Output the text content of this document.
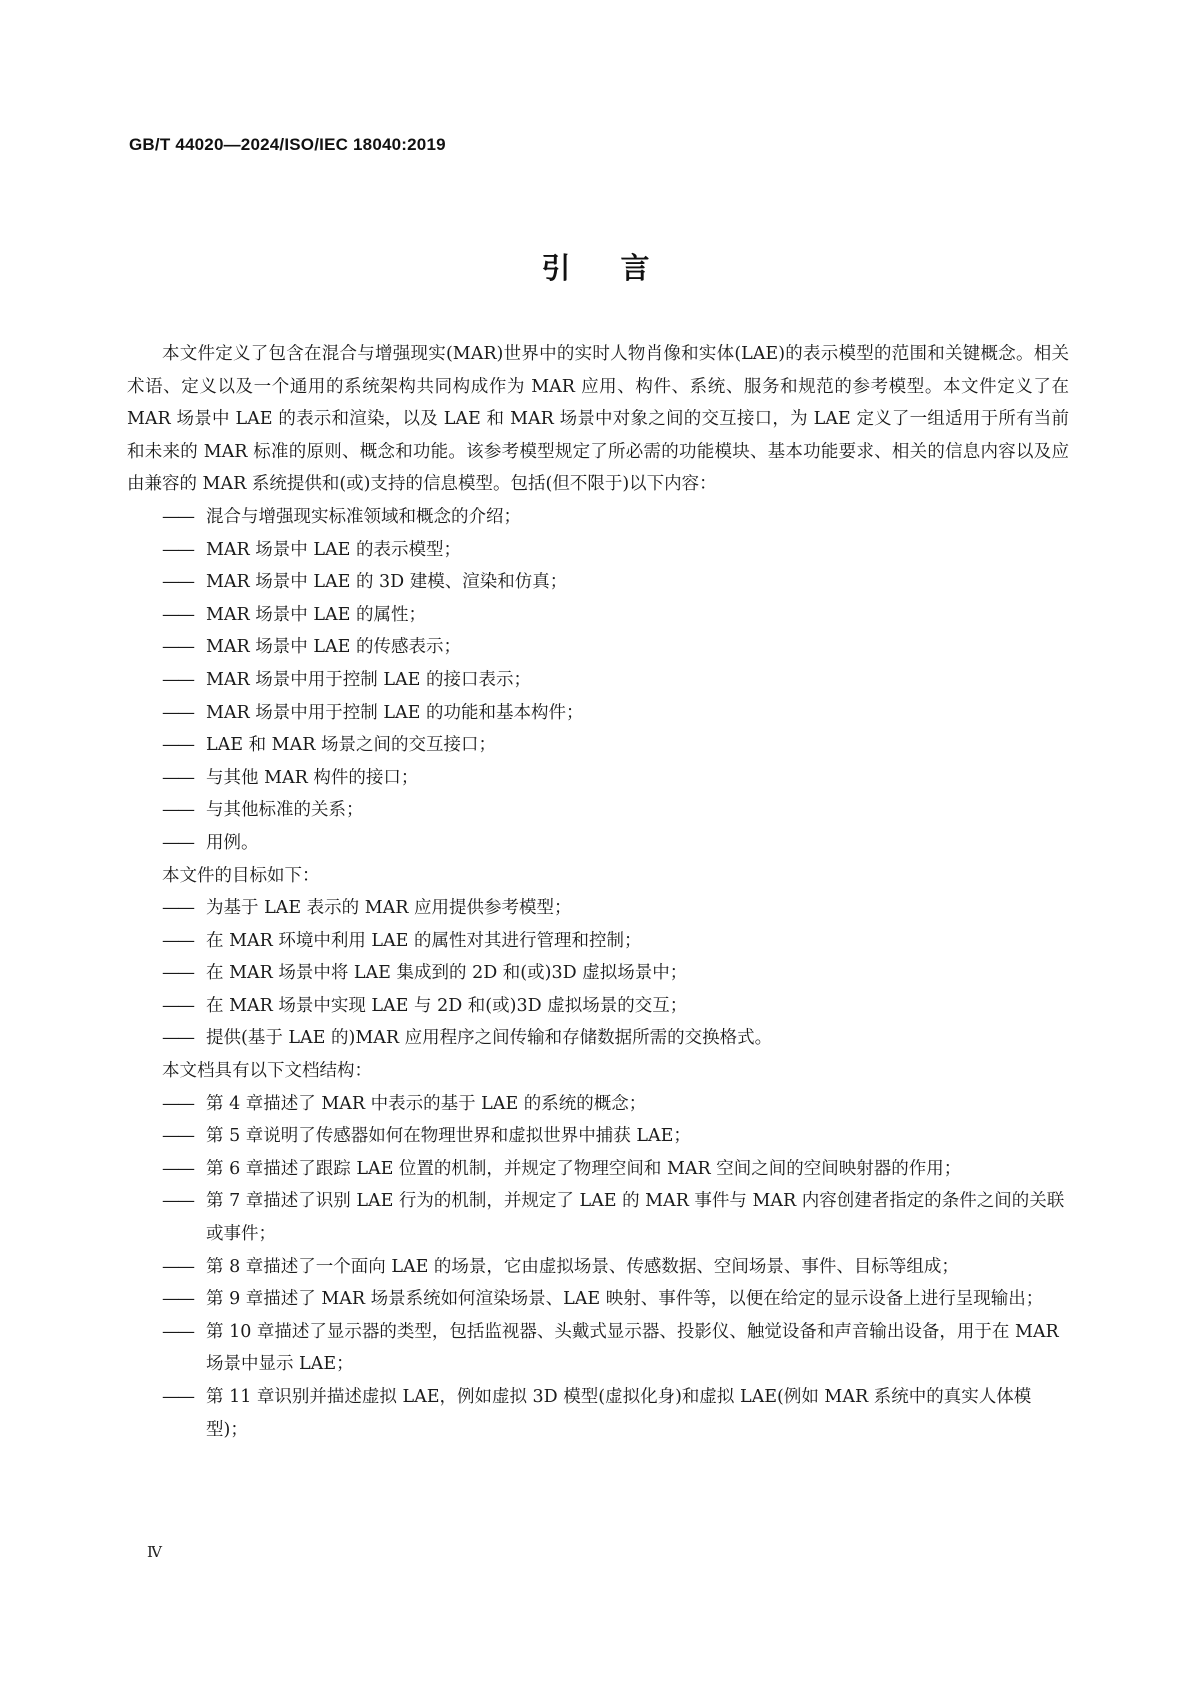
GB/T 44020—2024/ISO/IEC 18040:2019
引言

本文件定义了包含在混合与增强现实(MAR)世界中的实时人物肖像和实体(LAE)的表示模型的范围和关键概念。相关术语、定义以及一个通用的系统架构共同构成作为 MAR 应用、构件、系统、服务和规范的参考模型。本文件定义了在 MAR 场景中 LAE 的表示和渲染，以及 LAE 和 MAR 场景中对象之间的交互接口，为 LAE 定义了一组适用于所有当前和未来的 MAR 标准的原则、概念和功能。该参考模型规定了所必需的功能模块、基本功能要求、相关的信息内容以及应由兼容的 MAR 系统提供和(或)支持的信息模型。包括(但不限于)以下内容：

—— 混合与增强现实标准领域和概念的介绍；
—— MAR 场景中 LAE 的表示模型；
—— MAR 场景中 LAE 的 3D 建模、渲染和仿真；
—— MAR 场景中 LAE 的属性；
—— MAR 场景中 LAE 的传感表示；
—— MAR 场景中用于控制 LAE 的接口表示；
—— MAR 场景中用于控制 LAE 的功能和基本构件；
—— LAE 和 MAR 场景之间的交互接口；
—— 与其他 MAR 构件的接口；
—— 与其他标准的关系；
—— 用例。

本文件的目标如下：

—— 为基于 LAE 表示的 MAR 应用提供参考模型；
—— 在 MAR 环境中利用 LAE 的属性对其进行管理和控制；
—— 在 MAR 场景中将 LAE 集成到的 2D 和(或)3D 虚拟场景中；
—— 在 MAR 场景中实现 LAE 与 2D 和(或)3D 虚拟场景的交互；
—— 提供(基于 LAE 的)MAR 应用程序之间传输和存储数据所需的交换格式。

本文档具有以下文档结构：

—— 第 4 章描述了 MAR 中表示的基于 LAE 的系统的概念；
—— 第 5 章说明了传感器如何在物理世界和虚拟世界中捕获 LAE；
—— 第 6 章描述了跟踪 LAE 位置的机制，并规定了物理空间和 MAR 空间之间的空间映射器的作用；
—— 第 7 章描述了识别 LAE 行为的机制，并规定了 LAE 的 MAR 事件与 MAR 内容创建者指定的条件之间的关联或事件；
—— 第 8 章描述了一个面向 LAE 的场景，它由虚拟场景、传感数据、空间场景、事件、目标等组成；
—— 第 9 章描述了 MAR 场景系统如何渲染场景、LAE 映射、事件等，以便在给定的显示设备上进行呈现输出；
—— 第 10 章描述了显示器的类型，包括监视器、头戴式显示器、投影仪、触觉设备和声音输出设备，用于在 MAR 场景中显示 LAE；
—— 第 11 章识别并描述虚拟 LAE，例如虚拟 3D 模型(虚拟化身)和虚拟 LAE(例如 MAR 系统中的真实人体模型)；
Ⅳ
